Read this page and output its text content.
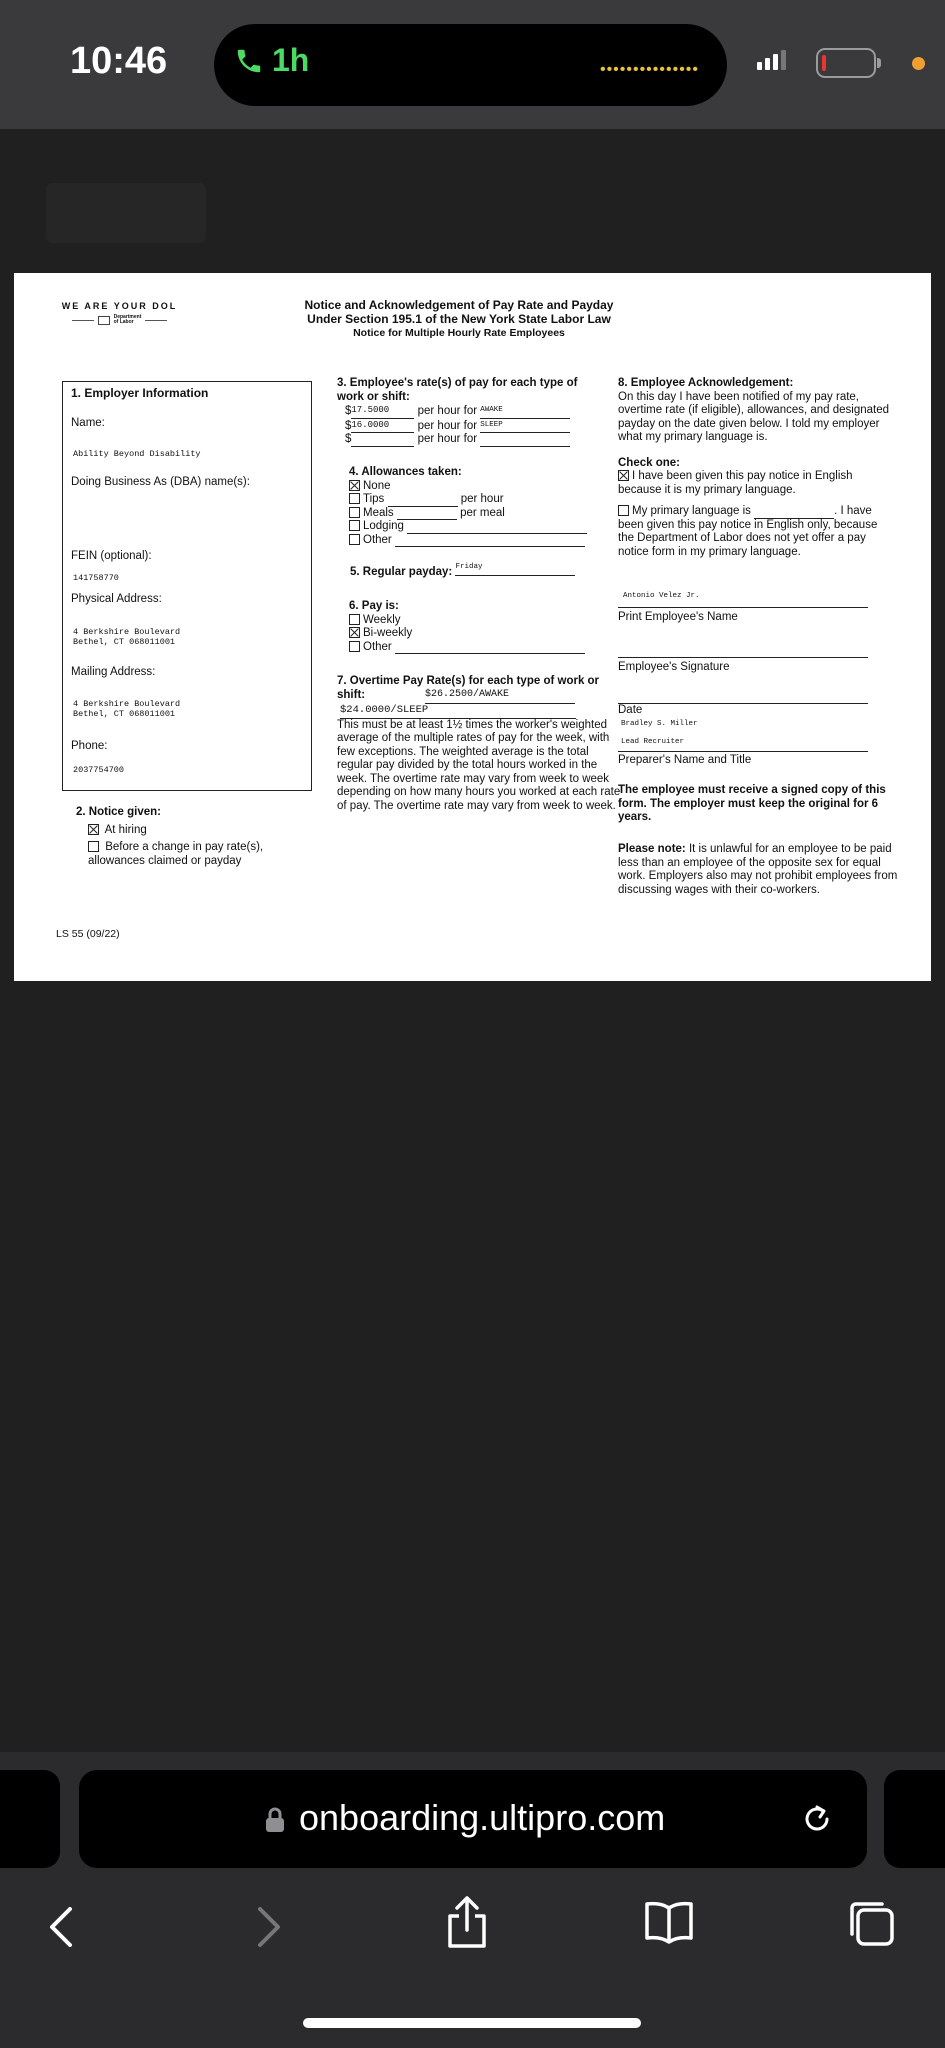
10:46	1h	•••••••••••••••
WE ARE YOUR DOL
Department
of Labor
Notice and Acknowledgement of Pay Rate and Payday
Under Section 195.1 of the New York State Labor Law
Notice for Multiple Hourly Rate Employees
1. Employer Information
Name:
Ability Beyond Disability
Doing Business As (DBA) name(s):
FEIN (optional):
141758770
Physical Address:
4 Berkshire Boulevard
Bethel, CT 068011001
Mailing Address:
4 Berkshire Boulevard
Bethel, CT 068011001
Phone:
2037754700
2. Notice given:
At hiring
Before a change in pay rate(s), allowances claimed or payday
3. Employee's rate(s) of pay for each type of work or shift:
$17.5000 per hour for AWAKE
$16.0000 per hour for SLEEP
$	per hour for
4. Allowances taken:
None
Tips	per hour
Meals	per meal
Lodging
Other
5. Regular payday: Friday
6. Pay is:
Weekly
Bi-weekly
Other
7. Overtime Pay Rate(s) for each type of work or shift:	$26.2500/AWAKE
$24.0000/SLEEP
This must be at least 1½ times the worker's weighted average of the multiple rates of pay for the week, with few exceptions. The weighted average is the total regular pay divided by the total hours worked in the week. The overtime rate may vary from week to week depending on how many hours you worked at each rate of pay. The overtime rate may vary from week to week.
8. Employee Acknowledgement:
On this day I have been notified of my pay rate, overtime rate (if eligible), allowances, and designated payday on the date given below. I told my employer what my primary language is.
Check one:
I have been given this pay notice in English because it is my primary language.
My primary language is	. I have been given this pay notice in English only, because the Department of Labor does not yet offer a pay notice form in my primary language.
Antonio Velez Jr.
Print Employee's Name
Employee's Signature
Date
Bradley S. Miller
Lead Recruiter
Preparer's Name and Title
The employee must receive a signed copy of this form. The employer must keep the original for 6 years.
Please note: It is unlawful for an employee to be paid less than an employee of the opposite sex for equal work. Employers also may not prohibit employees from discussing wages with their co-workers.
LS 55 (09/22)
onboarding.ultipro.com
